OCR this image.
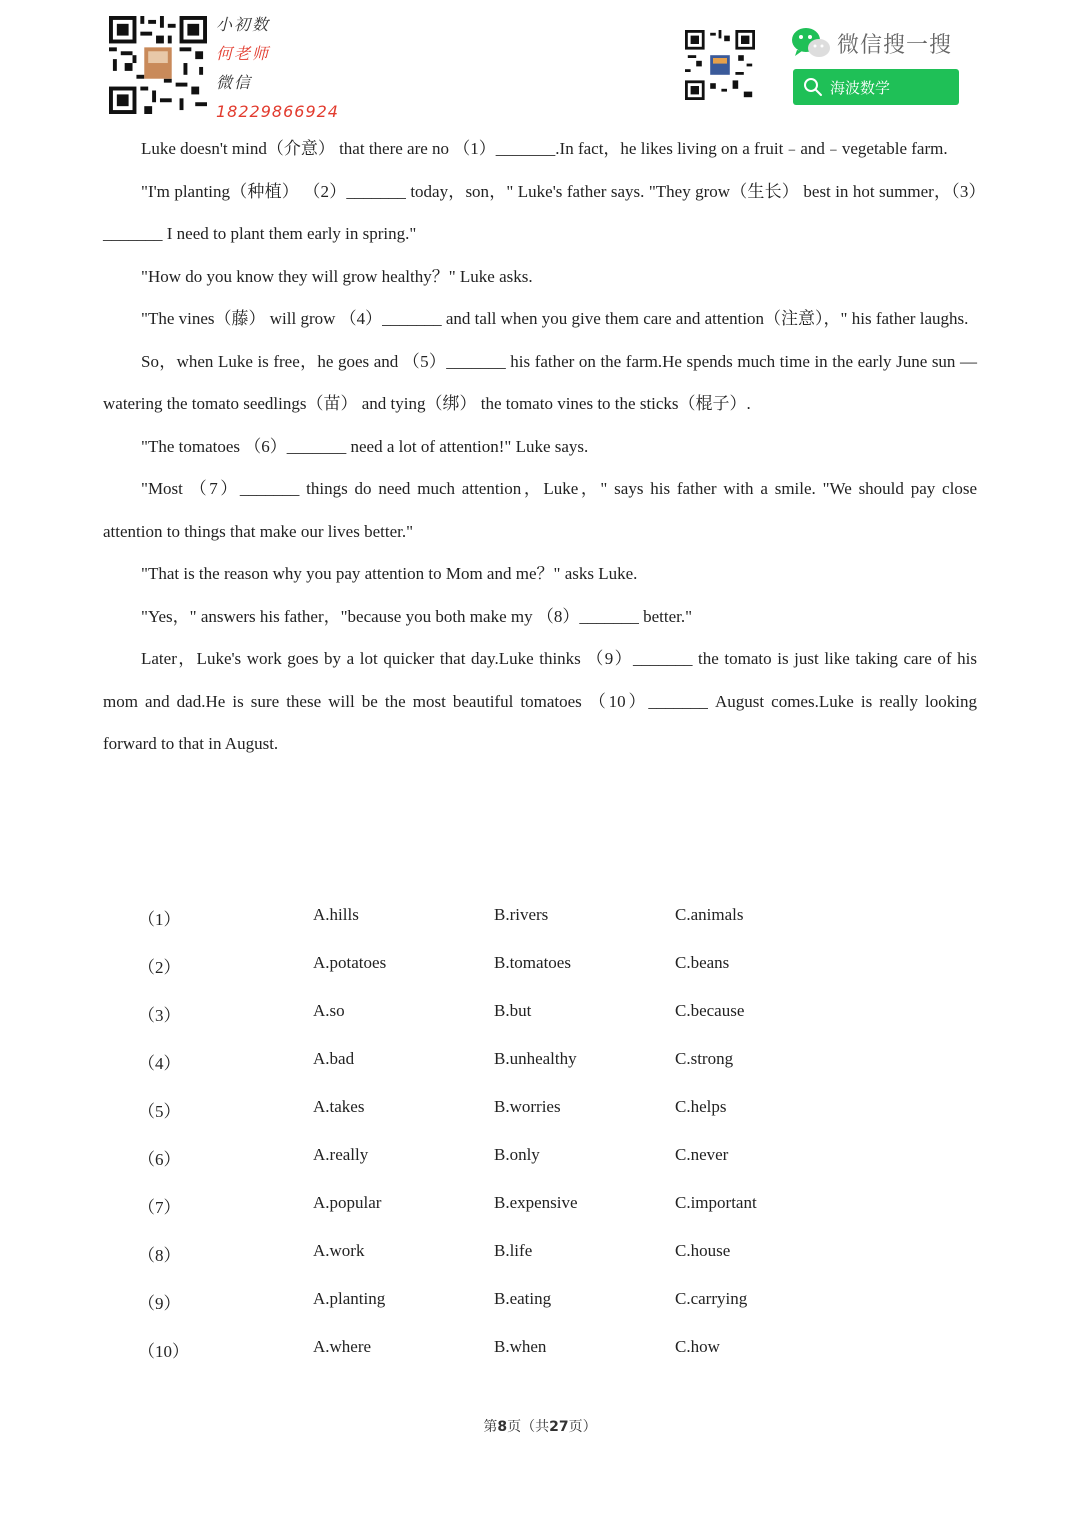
小初数
何老师
微信
18229866924
微信搜一搜
海波数学

Luke doesn't mind（介意） that there are no （1）_______.In fact，he likes living on a fruit﹣and﹣vegetable farm.

"I'm planting（种植） （2）_______ today，son，" Luke's father says. "They grow（生长） best in hot summer，（3）_______ I need to plant them early in spring."

"How do you know they will grow healthy？" Luke asks.

"The vines（藤） will grow （4）_______ and tall when you give them care and attention（注意），" his father laughs.

So，when Luke is free，he goes and （5）_______ his father on the farm.He spends much time in the early June sun —watering the tomato seedlings（苗） and tying（绑） the tomato vines to the sticks（棍子）.

"The tomatoes （6）_______ need a lot of attention!" Luke says.

"Most （7）_______ things do need much attention，Luke，" says his father with a smile. "We should pay close attention to things that make our lives better."

"That is the reason why you pay attention to Mom and me？" asks Luke.

"Yes，" answers his father，"because you both make my （8）_______ better."

Later，Luke's work goes by a lot quicker that day.Luke thinks （9）_______ the tomato is just like taking care of his mom and dad.He is sure these will be the most beautiful tomatoes （10）_______ August comes.Luke is really looking forward to that in August.

（1）	A.hills	B.rivers	C.animals
（2）	A.potatoes	B.tomatoes	C.beans
（3）	A.so	B.but	C.because
（4）	A.bad	B.unhealthy	C.strong
（5）	A.takes	B.worries	C.helps
（6）	A.really	B.only	C.never
（7）	A.popular	B.expensive	C.important
（8）	A.work	B.life	C.house
（9）	A.planting	B.eating	C.carrying
（10）	A.where	B.when	C.how
第8页（共27页）
